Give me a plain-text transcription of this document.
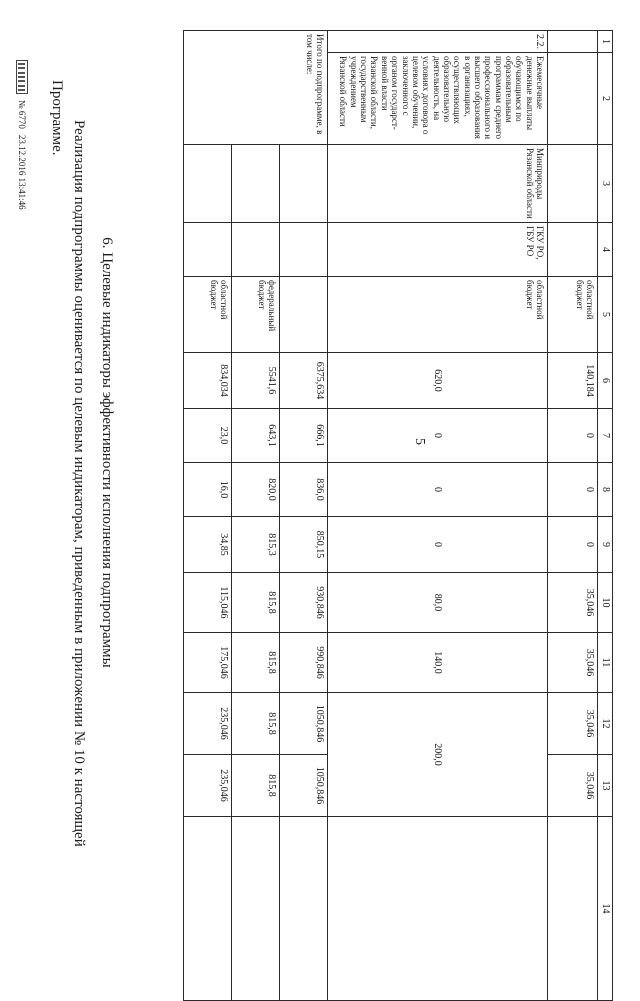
5
1	2	3	4	5	6	7	8	9	10	11	12	13	14
				областной бюджет	140,184	0	0	0	35,046	35,046	35,046	35,046	
2.2.	Ежемесячные денежные выплаты обучающимся по образовательным программам среднего профессионального и высшего образования в организациях, осуществляющих образовательную деятельность, на условиях договора о целевом обучении, заключенного с органом государст-венной власти Рязанской области, государственным учреждением Рязанской области	Минприроды Рязанской области	ГКУ РО, ГБУ РО	областной бюджет	620,0	0	0	0	80,0	140,0	200,0		
Итого по подпрограмме, в том числе:					6375,634	666,1	836,0	850,15	930,846	990,846	1050,846	1050,846	
				федеральный бюджет	5541,6	643,1	820,0	815,3	815,8	815,8	815,8	815,8	
				областной бюджет	834,034	23,0	16,0	34,85	115,046	175,046	235,046	235,046	
6. Целевые индикаторы эффективности исполнения подпрограммы
Реализация подпрограммы оценивается по целевым индикаторам, приведенным в приложении № 10 к настоящей Программе.
№ 6770
23.12.2016 13:41:46
